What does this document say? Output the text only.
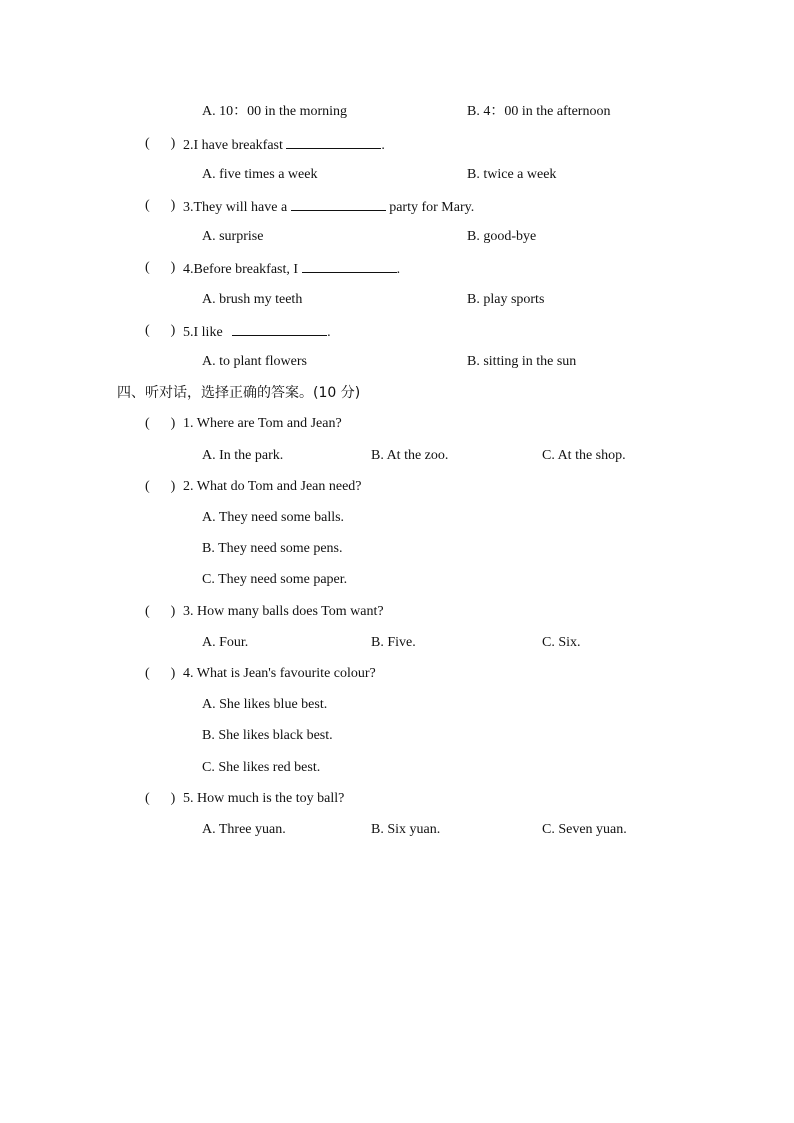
A. 10：00 in the morning	B. 4：00 in the afternoon
(      ) 2.I have breakfast	.
A. five times a week	B. twice a week
(      ) 3.They will have a	party for Mary.
A. surprise	B. good-bye
(      ) 4.Before breakfast, I	.
A. brush my teeth	B. play sports
(      ) 5.I like	.
A. to plant flowers	B. sitting in the sun
四、听对话，选择正确的答案。(10 分)
(      ) 1. Where are Tom and Jean?
A. In the park.	B. At the zoo.	C. At the shop.
(      ) 2. What do Tom and Jean need?
A. They need some balls.
B. They need some pens.
C. They need some paper.
(      ) 3. How many balls does Tom want?
A. Four.	B. Five.	C. Six.
(      ) 4. What is Jean's favourite colour?
A. She likes blue best.
B. She likes black best.
C. She likes red best.
(      ) 5. How much is the toy ball?
A. Three yuan.	B. Six yuan.	C. Seven yuan.
